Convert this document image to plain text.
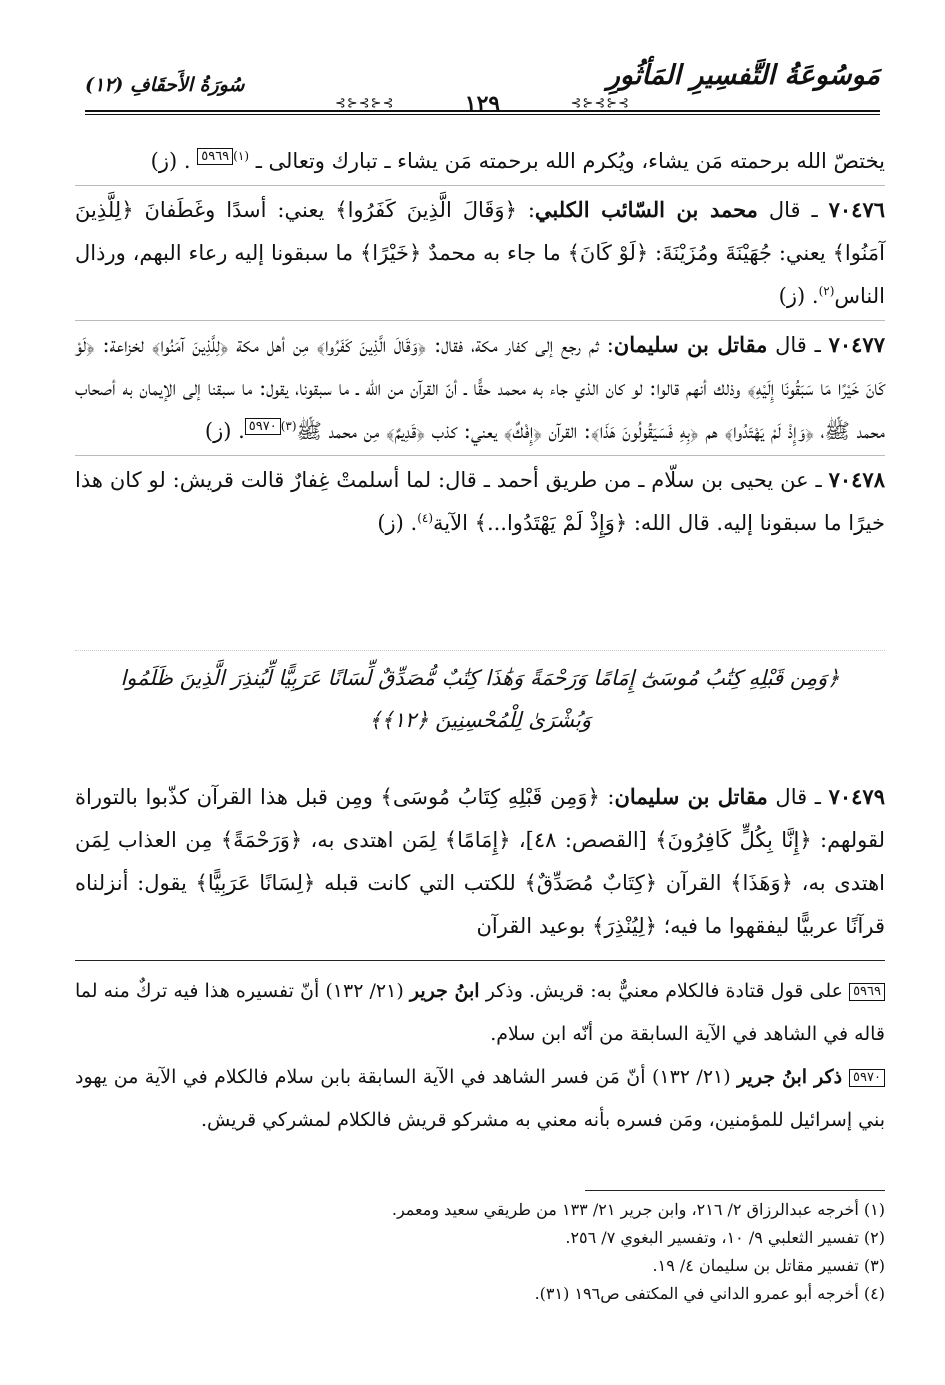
مَوسُوعَةُ التَّفسِيرِ المَأثُورِ
سُورَةُ الأَحقَافِ (١٢)
١٢٩	⊱⊰⊱⊰⊱
⊱⊰⊱⊰⊱

يختصّ الله برحمته مَن يشاء، ويُكرم الله برحمته مَن يشاء ـ تبارك وتعالى ـ $^{(١)}$٥٩٦٩ . (ز)

٧٠٤٧٦ ـ قال محمد بن السّائب الكلبي: ﴿وَقَالَ الَّذِينَ كَفَرُوا﴾ يعني: أسدًا وغَطَفانَ ﴿لِلَّذِينَ آمَنُوا﴾ يعني: جُهَيْنَةَ ومُزَيْنَةَ: ﴿لَوْ كَانَ﴾ ما جاء به محمدٌ ﴿خَيْرًا﴾ ما سبقونا إليه رعاء البهم، ورذال الناس$^{(٢)}$. (ز)

٧٠٤٧٧ ـ قال مقاتل بن سليمان: ثم رجع إلى كفار مكة، فقال: ﴿وَقَالَ الَّذِينَ كَفَرُوا﴾ مِن أهل مكة ﴿لِلَّذِينَ آمَنُوا﴾ لخزاعة: ﴿لَوْ كَانَ خَيْرًا مَا سَبَقُونَا إِلَيْهِ﴾ وذلك أنهم قالوا: لو كان الذي جاء به محمد حقًّا ـ أنّ القرآن من الله ـ ما سبقونا، يقول: ما سبقنا إلى الإيمان به أصحاب محمد ﷺ، ﴿وَإِذْ لَمْ يَهْتَدُوا﴾ هم ﴿بِهِ فَسَيَقُولُونَ هَذَا﴾: القرآن ﴿إِفْكٌ﴾ يعني: كذب ﴿قَدِيمٌ﴾ مِن محمد ﷺ$^{(٣)}$٥٩٧٠. (ز)

٧٠٤٧٨ ـ عن يحيى بن سلّام ـ من طريق أحمد ـ قال: لما أسلمتْ غِفارٌ قالت قريش: لو كان هذا خيرًا ما سبقونا إليه. قال الله: ﴿وَإِذْ لَمْ يَهْتَدُوا...﴾ الآية$^{(٤)}$. (ز)

﴿وَمِن قَبْلِهِ كِتَٰبُ مُوسَىٰٓ إِمَامًا وَرَحْمَةً وَهَٰذَا كِتَٰبٌ مُّصَدِّقٌ لِّسَانًا عَرَبِيًّا لِّيُنذِرَ الَّذِينَ ظَلَمُوا
وَبُشْرَىٰ لِلْمُحْسِنِينَ ﴿١٢﴾﴾

٧٠٤٧٩ ـ قال مقاتل بن سليمان: ﴿وَمِن قَبْلِهِ كِتَابُ مُوسَى﴾ ومِن قبل هذا القرآن كذّبوا بالتوراة لقولهم: ﴿إِنَّا بِكُلٍّ كَافِرُونَ﴾ [القصص: ٤٨]، ﴿إِمَامًا﴾ لِمَن اهتدى به، ﴿وَرَحْمَةً﴾ مِن العذاب لِمَن اهتدى به، ﴿وَهَذَا﴾ القرآن ﴿كِتَابٌ مُصَدِّقٌ﴾ للكتب التي كانت قبله ﴿لِسَانًا عَرَبِيًّا﴾ يقول: أنزلناه قرآنًا عربيًّا ليفقهوا ما فيه؛ ﴿لِيُنْذِرَ﴾ بوعيد القرآن

٥٩٦٩ على قول قتادة فالكلام معنيٌّ به: قريش. وذكر ابنُ جرير (٢١/ ١٣٢) أنّ تفسيره هذا فيه تركٌ منه لما قاله في الشاهد في الآية السابقة من أنّه ابن سلام.
٥٩٧٠ ذكر ابنُ جرير (٢١/ ١٣٢) أنّ مَن فسر الشاهد في الآية السابقة بابن سلام فالكلام في الآية من يهود بني إسرائيل للمؤمنين، ومَن فسره بأنه معني به مشركو قريش فالكلام لمشركي قريش.
(١) أخرجه عبدالرزاق ٢/ ٢١٦، وابن جرير ٢١/ ١٣٣ من طريقي سعيد ومعمر.
(٢) تفسير الثعلبي ٩/ ١٠، وتفسير البغوي ٧/ ٢٥٦.
(٣) تفسير مقاتل بن سليمان ٤/ ١٩.
(٤) أخرجه أبو عمرو الداني في المكتفى ص١٩٦ (٣١).
